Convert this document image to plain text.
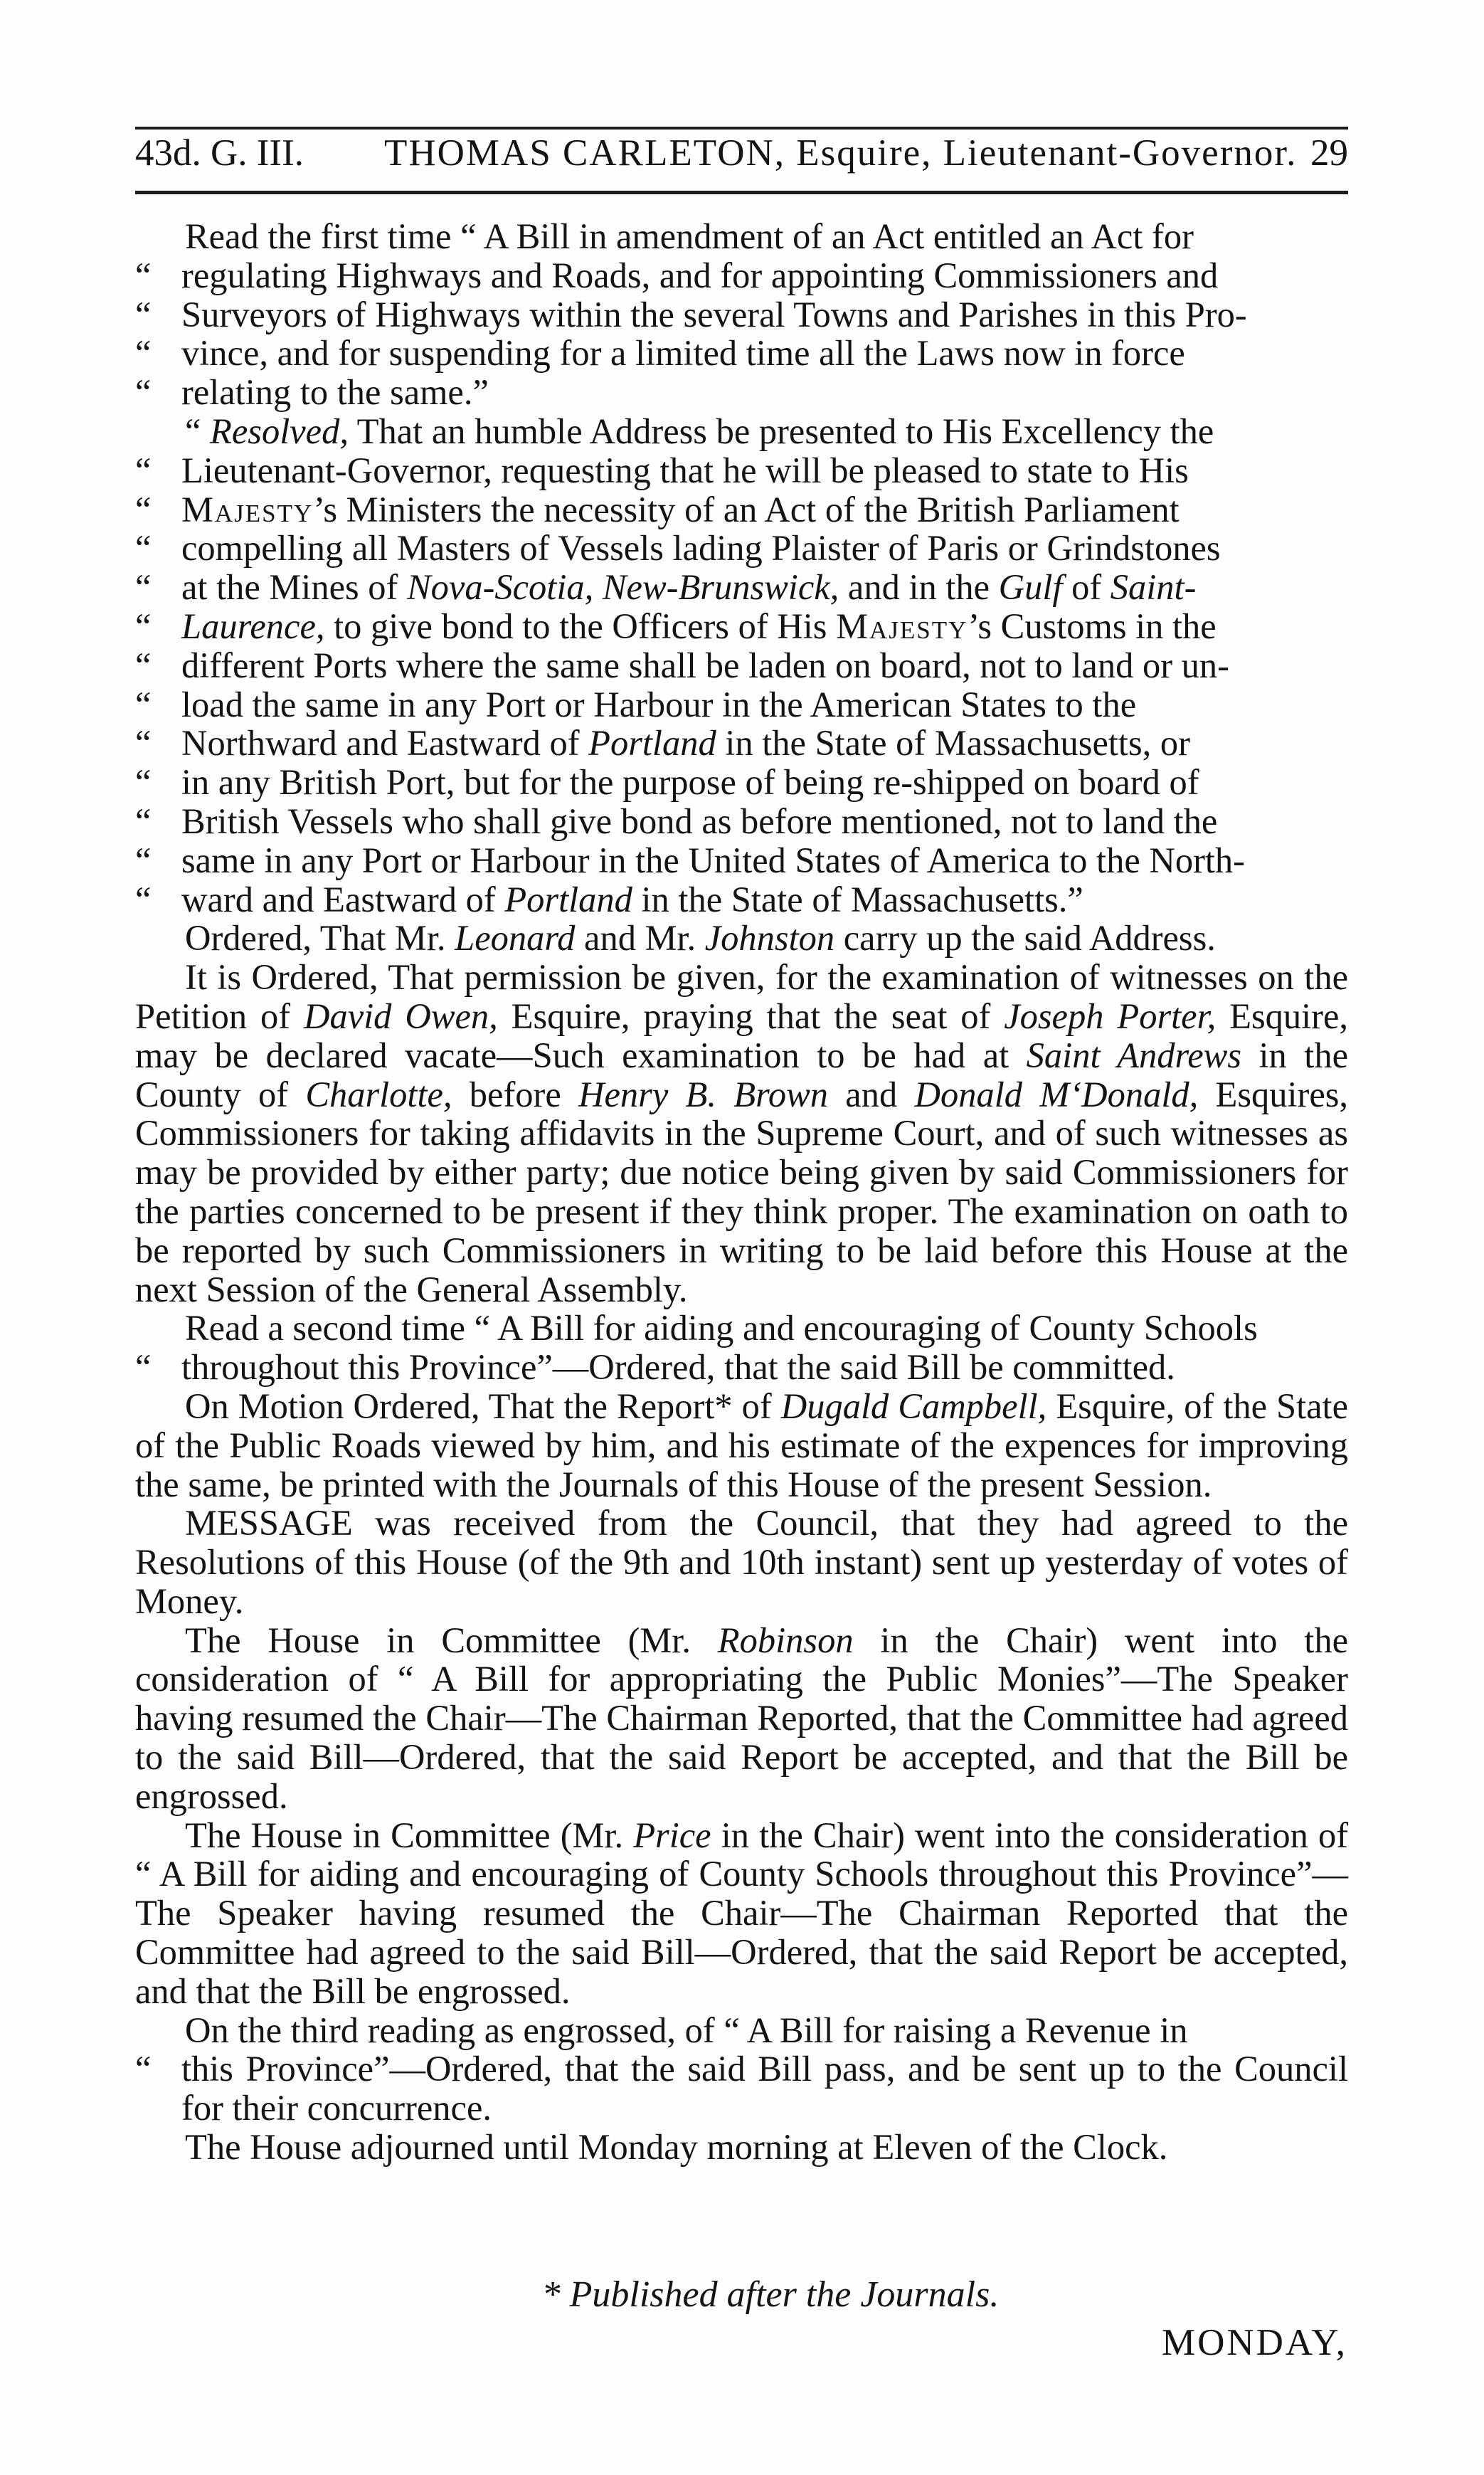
43d. G. III. THOMAS CARLETON, Esquire, Lieutenant-Governor. 29

Read the first time “ A Bill in amendment of an Act entitled an Act for

“ regulating Highways and Roads, and for appointing Commissioners and

“ Surveyors of Highways within the several Towns and Parishes in this Pro-

“ vince, and for suspending for a limited time all the Laws now in force

“ relating to the same.”

“ Resolved, That an humble Address be presented to His Excellency the

“ Lieutenant-Governor, requesting that he will be pleased to state to His

“ Majesty’s Ministers the necessity of an Act of the British Parliament

“ compelling all Masters of Vessels lading Plaister of Paris or Grindstones

“ at the Mines of Nova-Scotia, New-Brunswick, and in the Gulf of Saint-

“ Laurence, to give bond to the Officers of His Majesty’s Customs in the

“ different Ports where the same shall be laden on board, not to land or un-

“ load the same in any Port or Harbour in the American States to the

“ Northward and Eastward of Portland in the State of Massachusetts, or

“ in any British Port, but for the purpose of being re-shipped on board of

“ British Vessels who shall give bond as before mentioned, not to land the

“ same in any Port or Harbour in the United States of America to the North-

“ ward and Eastward of Portland in the State of Massachusetts.”

Ordered, That Mr. Leonard and Mr. Johnston carry up the said Address.

It is Ordered, That permission be given, for the examination of witnesses on the Petition of David Owen, Esquire, praying that the seat of Joseph Porter, Esquire, may be declared vacate—Such examination to be had at Saint Andrews in the County of Charlotte, before Henry B. Brown and Donald M‘Donald, Esquires, Commissioners for taking affidavits in the Supreme Court, and of such witnesses as may be provided by either party; due notice being given by said Commissioners for the parties concerned to be present if they think proper. The examination on oath to be reported by such Commissioners in writing to be laid before this House at the next Session of the General Assembly.

Read a second time “ A Bill for aiding and encouraging of County Schools

“ throughout this Province”—Ordered, that the said Bill be committed.

On Motion Ordered, That the Report* of Dugald Campbell, Esquire, of the State of the Public Roads viewed by him, and his estimate of the expences for improving the same, be printed with the Journals of this House of the present Session.

MESSAGE was received from the Council, that they had agreed to the Resolutions of this House (of the 9th and 10th instant) sent up yesterday of votes of Money.

The House in Committee (Mr. Robinson in the Chair) went into the consideration of “ A Bill for appropriating the Public Monies”—The Speaker having resumed the Chair—The Chairman Reported, that the Committee had agreed to the said Bill—Ordered, that the said Report be accepted, and that the Bill be engrossed.

The House in Committee (Mr. Price in the Chair) went into the consideration of “ A Bill for aiding and encouraging of County Schools throughout this Province”—The Speaker having resumed the Chair—The Chairman Reported that the Committee had agreed to the said Bill—Ordered, that the said Report be accepted, and that the Bill be engrossed.

On the third reading as engrossed, of “ A Bill for raising a Revenue in

“ this Province”—Ordered, that the said Bill pass, and be sent up to the Council for their concurrence.

The House adjourned until Monday morning at Eleven of the Clock.

* Published after the Journals.
MONDAY,
